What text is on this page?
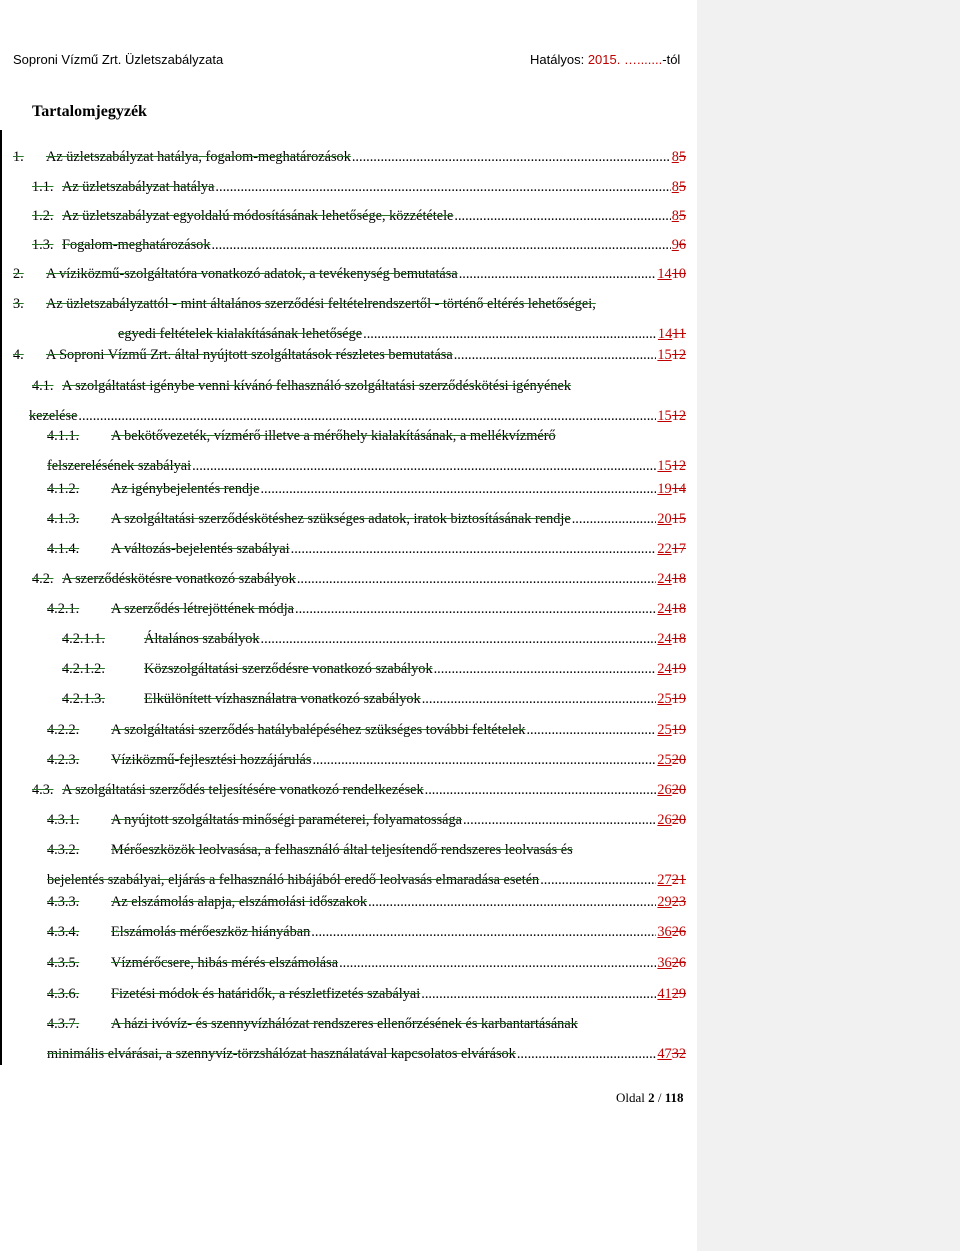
Soproni Vízmű Zrt. Üzletszabályzata	Hatályos: 2015. ….......-tól
Tartalomjegyzék
1.	Az üzletszabályzat hatálya, fogalom-meghatározások .....	85
1.1. Az üzletszabályzat hatálya .....	85
1.2. Az üzletszabályzat egyoldalú módosításának lehetősége, közzététele .....	85
1.3. Fogalom-meghatározások .....	96
2.	A víziközmű-szolgáltatóra vonatkozó adatok, a tevékenység bemutatása .....	1410
3.	Az üzletszabályzattól - mint általános szerződési feltételrendszertől - történő eltérés lehetőségei,
egyedi feltételek kialakításának lehetősége .....	1411
4.	A Soproni Vízmű Zrt. által nyújtott szolgáltatások részletes bemutatása .....	1512
4.1. A szolgáltatást igénybe venni kívánó felhasználó szolgáltatási szerződéskötési igényének
kezelése .....	1512
4.1.1.	A bekötővezeték, vízmérő illetve a mérőhely kialakításának, a mellékvízmérő
felszerelésének szabályai .....	1512
4.1.2.	Az igénybejelentés rendje .....	1914
4.1.3.	A szolgáltatási szerződéskötéshez szükséges adatok, iratok biztosításának rendje .....	2015
4.1.4.	A változás-bejelentés szabályai .....	2217
4.2. A szerződéskötésre vonatkozó szabályok .....	2418
4.2.1.	A szerződés létrejöttének módja .....	2418
4.2.1.1.	Általános szabályok .....	2418
4.2.1.2.	Közszolgáltatási szerződésre vonatkozó szabályok .....	2419
4.2.1.3.	Elkülönített vízhasználatra vonatkozó szabályok .....	2519
4.2.2.	A szolgáltatási szerződés hatálybalépéséhez szükséges további feltételek .....	2519
4.2.3.	Víziközmű-fejlesztési hozzájárulás .....	2520
4.3. A szolgáltatási szerződés teljesítésére vonatkozó rendelkezések .....	2620
4.3.1.	A nyújtott szolgáltatás minőségi paraméterei, folyamatossága .....	2620
4.3.2.	Mérőeszközök leolvasása, a felhasználó által teljesítendő rendszeres leolvasás és
bejelentés szabályai, eljárás a felhasználó hibájából eredő leolvasás elmaradása esetén .....	2721
4.3.3.	Az elszámolás alapja, elszámolási időszakok .....	2923
4.3.4.	Elszámolás mérőeszköz hiányában .....	3626
4.3.5.	Vízmérőcsere, hibás mérés elszámolása .....	3626
4.3.6.	Fizetési módok és határidők, a részletfizetés szabályai .....	4129
4.3.7.	A házi ivóvíz- és szennyvízhálózat rendszeres ellenőrzésének és karbantartásának
minimális elvárásai, a szennyvíz-törzshálózat használatával kapcsolatos elvárások .....	4732
Oldal 2 / 118
